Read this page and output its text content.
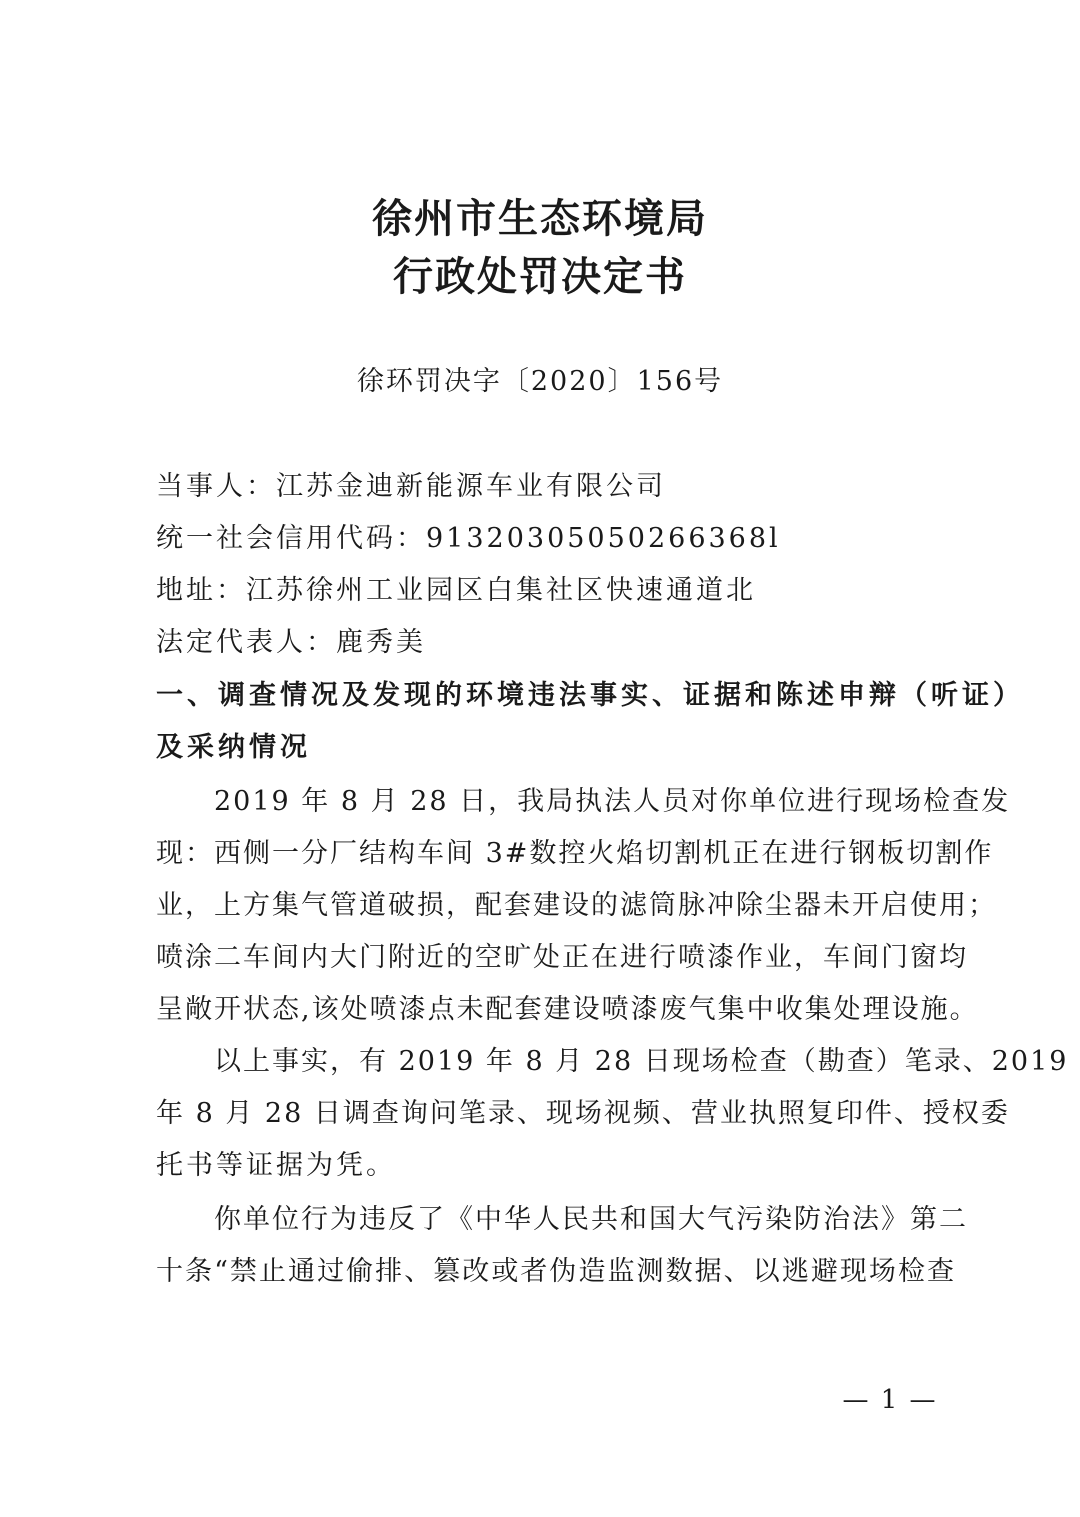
徐州市生态环境局
行政处罚决定书
徐环罚决字〔2020〕156号
当事人：江苏金迪新能源车业有限公司
统一社会信用代码：91320305050266368l
地址：江苏徐州工业园区白集社区快速通道北
法定代表人：鹿秀美
一、调查情况及发现的环境违法事实、证据和陈述申辩（听证）
及采纳情况
　　2019 年 8 月 28 日，我局执法人员对你单位进行现场检查发
现：西侧一分厂结构车间 3#数控火焰切割机正在进行钢板切割作
业，上方集气管道破损，配套建设的滤筒脉冲除尘器未开启使用；
喷涂二车间内大门附近的空旷处正在进行喷漆作业，车间门窗均
呈敞开状态,该处喷漆点未配套建设喷漆废气集中收集处理设施。
　　以上事实，有 2019 年 8 月 28 日现场检查（勘查）笔录、2019
年 8 月 28 日调查询问笔录、现场视频、营业执照复印件、授权委
托书等证据为凭。
　　你单位行为违反了《中华人民共和国大气污染防治法》第二
十条“禁止通过偷排、篡改或者伪造监测数据、以逃避现场检查
— 1 —
